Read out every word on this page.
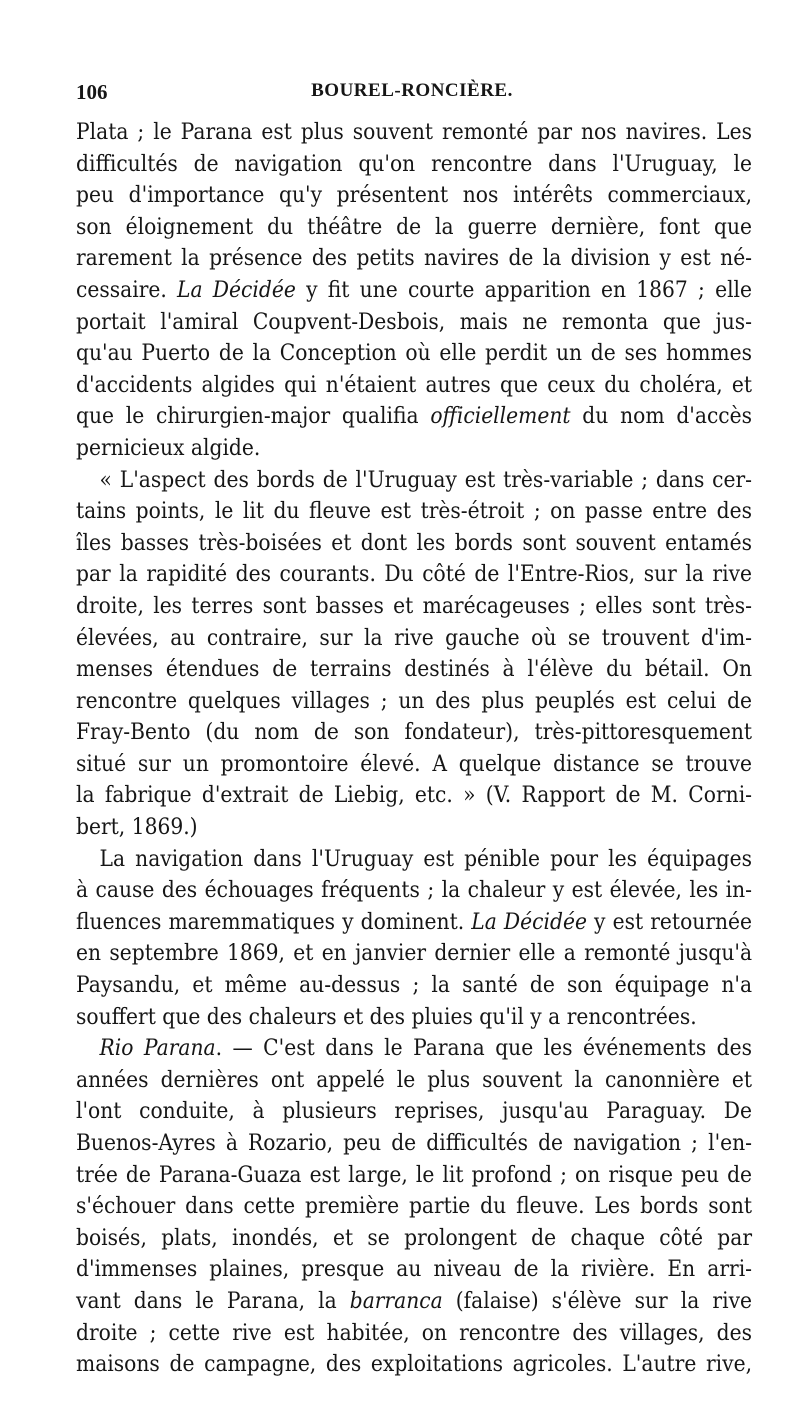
106	BOUREL-RONCIÈRE.
Plata ; le Parana est plus souvent remonté par nos navires. Les
difficultés de navigation qu'on rencontre dans l'Uruguay, le
peu d'importance qu'y présentent nos intérêts commerciaux,
son éloignement du théâtre de la guerre dernière, font que
rarement la présence des petits navires de la division y est né-
cessaire. La Décidée y fit une courte apparition en 1867 ; elle
portait l'amiral Coupvent-Desbois, mais ne remonta que jus-
qu'au Puerto de la Conception où elle perdit un de ses hommes
d'accidents algides qui n'étaient autres que ceux du choléra, et
que le chirurgien-major qualifia officiellement du nom d'accès
pernicieux algide.
« L'aspect des bords de l'Uruguay est très-variable ; dans cer-
tains points, le lit du fleuve est très-étroit ; on passe entre des
îles basses très-boisées et dont les bords sont souvent entamés
par la rapidité des courants. Du côté de l'Entre-Rios, sur la rive
droite, les terres sont basses et marécageuses ; elles sont très-
élevées, au contraire, sur la rive gauche où se trouvent d'im-
menses étendues de terrains destinés à l'élève du bétail. On
rencontre quelques villages ; un des plus peuplés est celui de
Fray-Bento (du nom de son fondateur), très-pittoresquement
situé sur un promontoire élevé. A quelque distance se trouve
la fabrique d'extrait de Liebig, etc. » (V. Rapport de M. Corni-
bert, 1869.)
La navigation dans l'Uruguay est pénible pour les équipages
à cause des échouages fréquents ; la chaleur y est élevée, les in-
fluences maremmatiques y dominent. La Décidée y est retournée
en septembre 1869, et en janvier dernier elle a remonté jusqu'à
Paysandu, et même au-dessus ; la santé de son équipage n'a
souffert que des chaleurs et des pluies qu'il y a rencontrées.
Rio Parana. — C'est dans le Parana que les événements des
années dernières ont appelé le plus souvent la canonnière et
l'ont conduite, à plusieurs reprises, jusqu'au Paraguay. De
Buenos-Ayres à Rozario, peu de difficultés de navigation ; l'en-
trée de Parana-Guaza est large, le lit profond ; on risque peu de
s'échouer dans cette première partie du fleuve. Les bords sont
boisés, plats, inondés, et se prolongent de chaque côté par
d'immenses plaines, presque au niveau de la rivière. En arri-
vant dans le Parana, la barranca (falaise) s'élève sur la rive
droite ; cette rive est habitée, on rencontre des villages, des
maisons de campagne, des exploitations agricoles. L'autre rive,
